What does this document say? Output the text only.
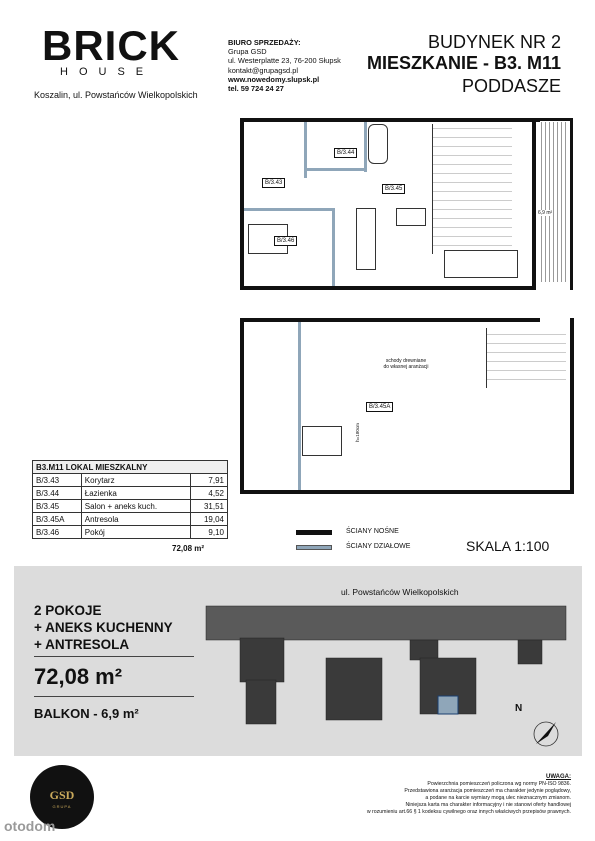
BRICK
HOUSE
Koszalin, ul. Powstańców Wielkopolskich
BIURO SPRZEDAŻY:
Grupa GSD
ul. Westerplatte 23, 76-200 Słupsk
kontakt@grupagsd.pl
www.nowedomy.slupsk.pl
tel. 59 724 24 27
BUDYNEK NR 2
MIESZKANIE - B3. M11
PODDASZE
6,9 m²
B/3.43
B/3.44
B/3.45
B/3.46
schody drewniane
do własnej aranżacji
h=180cm
B/3.45A
B3.M11 LOKAL MIESZKALNY		
B/3.43	Korytarz	7,91
B/3.44	Łazienka	4,52
B/3.45	Salon + aneks kuch.	31,51
B/3.45A	Antresola	19,04
B/3.46	Pokój	9,10
72,08 m²
ŚCIANY NOŚNE
ŚCIANY DZIAŁOWE	SKALA 1:100
2 POKOJE
+ ANEKS KUCHENNY
+ ANTRESOLA
72,08 m²
BALKON - 6,9 m²
ul. Powstańców Wielkopolskich
N
GSD
GRUPA
UWAGA:
Powierzchnia pomieszczeń policzona wg normy PN-ISO 9836.
Przedstawiona aranżacja pomieszczeń ma charakter jedynie poglądowy,
a podane na karcie wymiary mogą ulec nieznacznym zmianom.
Niniejsza karta ma charakter informacyjny i nie stanowi oferty handlowej
w rozumieniu art.66 § 1 kodeksu cywilnego oraz innych właściwych przepisów prawnych.
otodom
